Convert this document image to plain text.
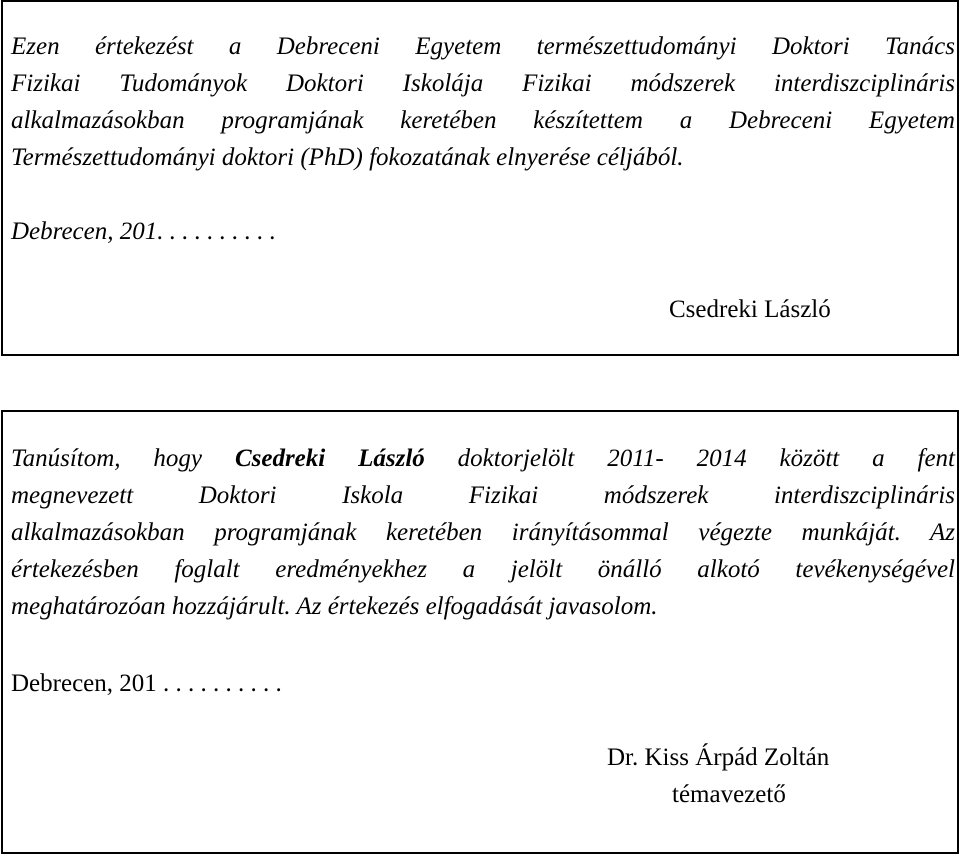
Ezen értekezést a Debreceni Egyetem természettudományi Doktori Tanács
Fizikai Tudományok Doktori Iskolája Fizikai módszerek interdiszciplináris
alkalmazásokban programjának keretében készítettem a Debreceni Egyetem
Természettudományi doktori (PhD) fokozatának elnyerése céljából.
Debrecen, 201. . . . . . . . . .
Csedreki László
Tanúsítom, hogy Csedreki László doktorjelölt 2011- 2014 között a fent
megnevezett Doktori Iskola Fizikai módszerek interdiszciplináris
alkalmazásokban programjának keretében irányításommal végezte munkáját. Az
értekezésben foglalt eredményekhez a jelölt önálló alkotó tevékenységével
meghatározóan hozzájárult. Az értekezés elfogadását javasolom.
Debrecen, 201 . . . . . . . . . .
Dr. Kiss Árpád Zoltán
témavezető
